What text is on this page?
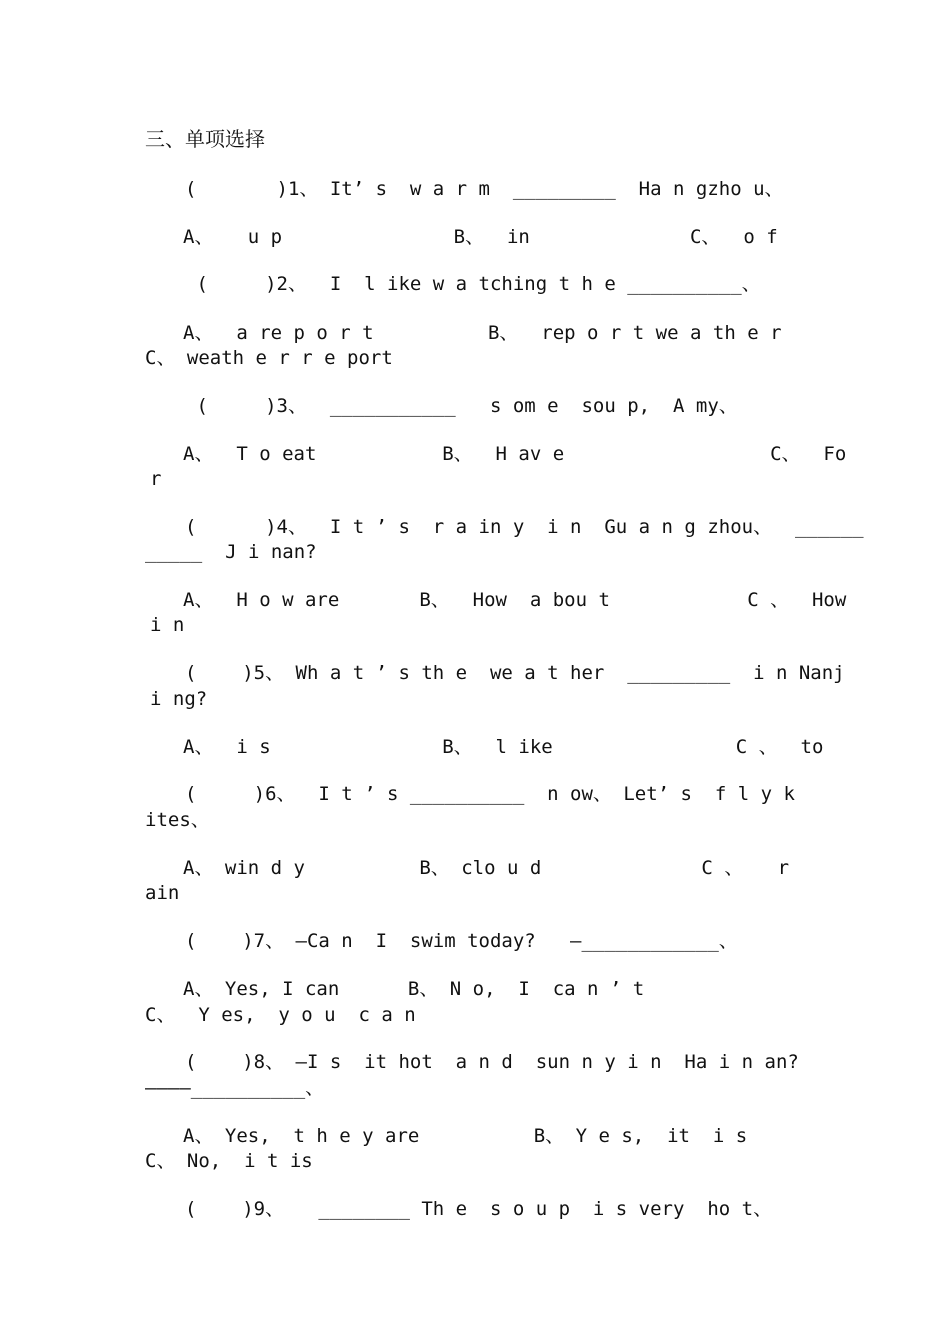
三、单项选择
(       )1、 It’ s  w a r m  _________  Ha n gzho u、
A、   u p               B、  in              C、  o f
(     )2、  I  l ike w a tching t h e __________、
A、  a re p o r t          B、  rep o r t we a th e r
C、 weath e r r e port
(     )3、  ___________   s om e  sou p,  A my、
A、  T o eat           B、  H av e                  C、  Fo
r
(      )4、  I t ’ s  r a in y  i n  Gu a n g zhou、  ______
_____  J i nan?
A、  H o w are       B、  How  a bou t            C 、  How
i n
(    )5、 Wh a t ’ s th e  we a t her  _________  i n Nanj
i ng?
A、  i s               B、  l ike                C 、  to
(     )6、  I t ’ s __________  n ow、 Let’ s  f l y k
ites、
A、 win d y          B、 clo u d              C 、   r
ain
(    )7、 —Ca n  I  swim today?   —____________、
A、 Yes, I can      B、 N o,  I  ca n ’ t
C、  Y es,  y o u  c a n
(    )8、 —I s  it hot  a n d  sun n y i n  Ha i n an?
————__________、
A、 Yes,  t h e y are          B、 Y e s,  it  i s
C、 No,  i t is
(    )9、   ________ Th e  s o u p  i s very  ho t、
